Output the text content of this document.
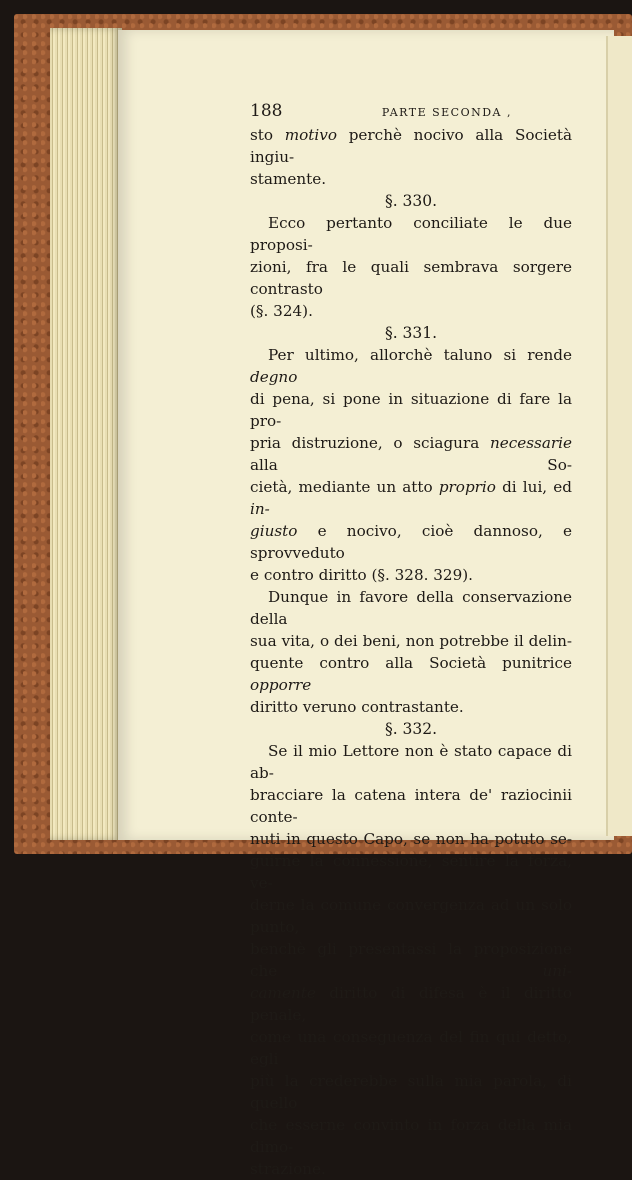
188	PARTE SECONDA ,

sto motivo perchè nocivo alla Società ingiu-
stamente.

§. 330.

Ecco pertanto conciliate le due proposi-
zioni, fra le quali sembrava sorgere contrasto
(§. 324).

§. 331.

Per ultimo, allorchè taluno si rende degno
di pena, si pone in situazione di fare la pro-
pria distruzione, o sciagura necessarie alla So-
cietà, mediante un atto proprio di lui, ed in-
giusto e nocivo, cioè dannoso, e sprovveduto
e contro diritto (§. 328. 329).

Dunque in favore della conservazione della
sua vita, o dei beni, non potrebbe il delin-
quente contro alla Società punitrice opporre
diritto veruno contrastante.

§. 332.

Se il mio Lettore non è stato capace di ab-
bracciare la catena intera de' raziocinii conte-
nuti in questo Capo, se non ha potuto se-
guirne la connessione, sentire la forza, ve-
derne la comune convergenza ad un solo punto,
benchè gli presentassi la proposizione che uni-
camente diritto di difesa è il diritto penale,
come una conseguenza del fin qui detto, egli
più la crederebbe sulla mia parola, di quello
che esserne convinto in forza della mia dimo-
strazione.
